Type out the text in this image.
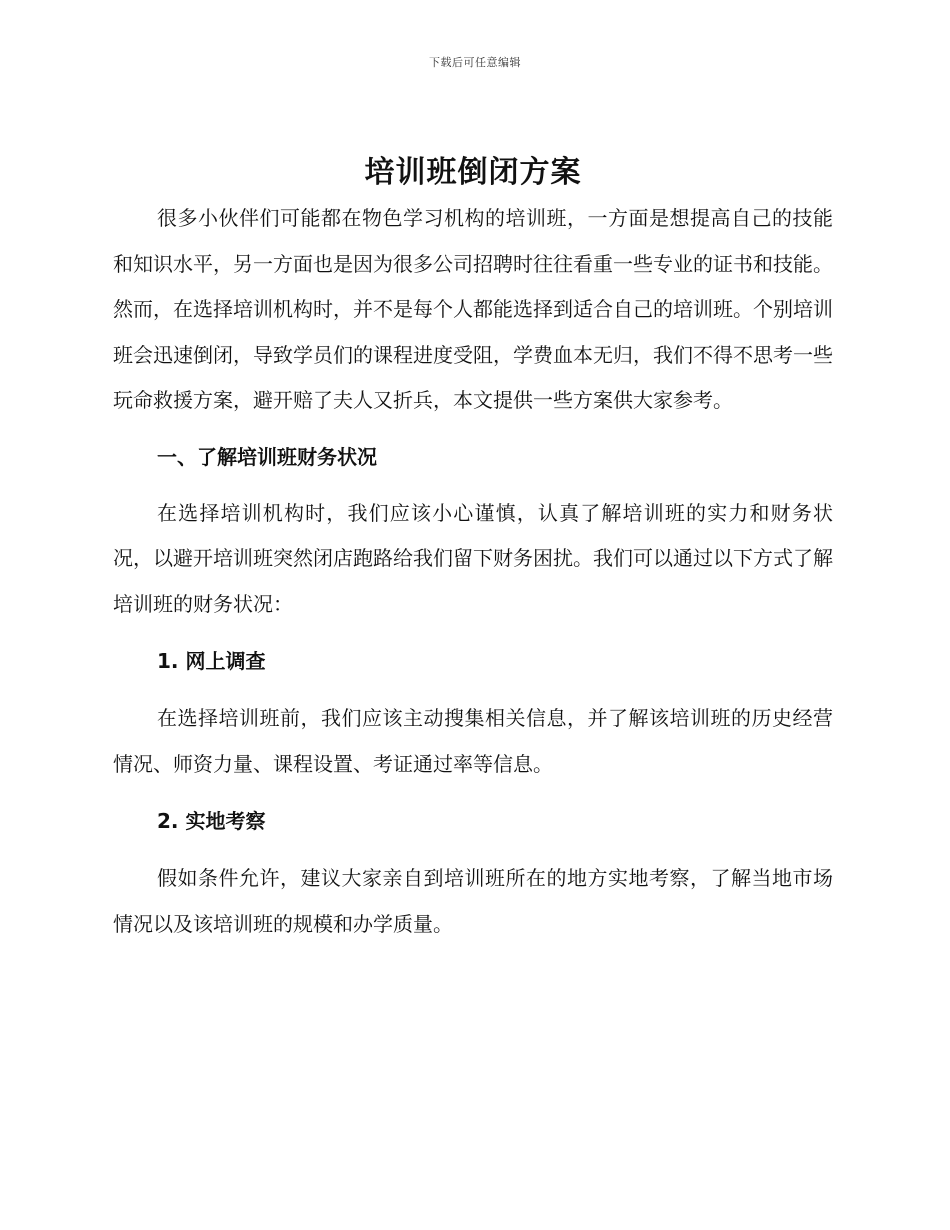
下载后可任意编辑
培训班倒闭方案

很多小伙伴们可能都在物色学习机构的培训班，一方面是想提高自己的技能和知识水平，另一方面也是因为很多公司招聘时往往看重一些专业的证书和技能。然而，在选择培训机构时，并不是每个人都能选择到适合自己的培训班。个别培训班会迅速倒闭，导致学员们的课程进度受阻，学费血本无归，我们不得不思考一些玩命救援方案，避开赔了夫人又折兵，本文提供一些方案供大家参考。

一、了解培训班财务状况

在选择培训机构时，我们应该小心谨慎，认真了解培训班的实力和财务状况，以避开培训班突然闭店跑路给我们留下财务困扰。我们可以通过以下方式了解培训班的财务状况：

1. 网上调查

在选择培训班前，我们应该主动搜集相关信息，并了解该培训班的历史经营情况、师资力量、课程设置、考证通过率等信息。

2. 实地考察

假如条件允许，建议大家亲自到培训班所在的地方实地考察，了解当地市场情况以及该培训班的规模和办学质量。
